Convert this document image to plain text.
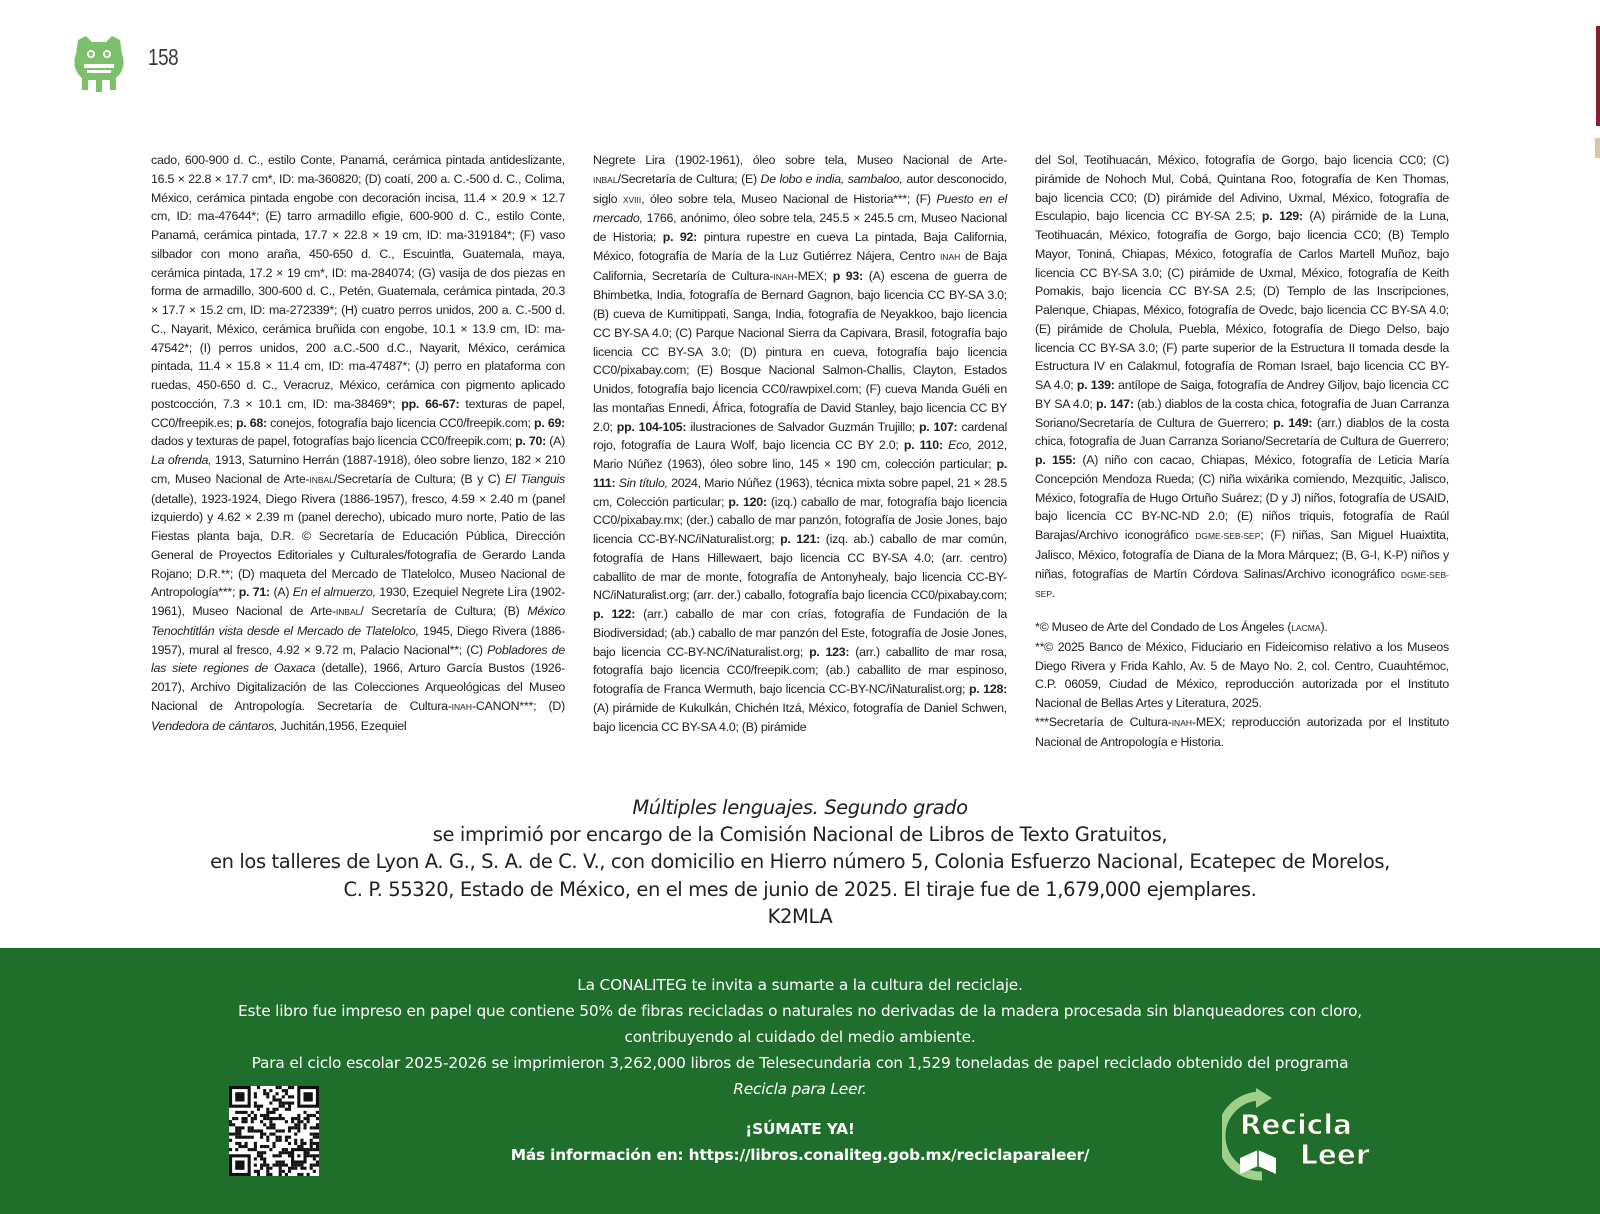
158
cado, 600-900 d. C., estilo Conte, Panamá, cerámica pintada antideslizante, 16.5 × 22.8 × 17.7 cm*, ID: ma-360820; (D) coatí, 200 a. C.-500 d. C., Colima, México, cerámica pintada engobe con decoración incisa, 11.4 × 20.9 × 12.7 cm, ID: ma-47644*; (E) tarro armadillo efigie, 600-900 d. C., estilo Conte, Panamá, cerámica pintada, 17.7 × 22.8 × 19 cm, ID: ma-319184*; (F) vaso silbador con mono araña, 450-650 d. C., Escuintla, Guatemala, maya, cerámica pintada, 17.2 × 19 cm*, ID: ma-284074; (G) vasija de dos piezas en forma de armadillo, 300-600 d. C., Petén, Guatemala, cerámica pintada, 20.3 × 17.7 × 15.2 cm, ID: ma-272339*; (H) cuatro perros unidos, 200 a. C.-500 d. C., Nayarit, México, cerámica bruñida con engobe, 10.1 × 13.9 cm, ID: ma-47542*; (I) perros unidos, 200 a.C.-500 d.C., Nayarit, México, cerámica pintada, 11.4 × 15.8 × 11.4 cm, ID: ma-47487*; (J) perro en plataforma con ruedas, 450-650 d. C., Veracruz, México, cerámica con pigmento aplicado postcocción, 7.3 × 10.1 cm, ID: ma-38469*; pp. 66-67: texturas de papel, CC0/freepik.es; p. 68: conejos, fotografía bajo licencia CC0/freepik.com; p. 69: dados y texturas de papel, fotografías bajo licencia CC0/freepik.com; p. 70: (A) La ofrenda, 1913, Saturnino Herrán (1887-1918), óleo sobre lienzo, 182 × 210 cm, Museo Nacional de Arte-INBAL/Secretaría de Cultura; (B y C) El Tianguis (detalle), 1923-1924, Diego Rivera (1886-1957), fresco, 4.59 × 2.40 m (panel izquierdo) y 4.62 × 2.39 m (panel derecho), ubicado muro norte, Patio de las Fiestas planta baja, D.R. © Secretaría de Educación Pública, Dirección General de Proyectos Editoriales y Culturales/fotografía de Gerardo Landa Rojano; D.R.**; (D) maqueta del Mercado de Tlatelolco, Museo Nacional de Antropología***; p. 71: (A) En el almuerzo, 1930, Ezequiel Negrete Lira (1902-1961), Museo Nacional de Arte-INBAL/ Secretaría de Cultura; (B) México Tenochtitlán vista desde el Mercado de Tlatelolco, 1945, Diego Rivera (1886-1957), mural al fresco, 4.92 × 9.72 m, Palacio Nacional**; (C) Pobladores de las siete regiones de Oaxaca (detalle), 1966, Arturo García Bustos (1926-2017), Archivo Digitalización de las Colecciones Arqueológicas del Museo Nacional de Antropología. Secretaría de Cultura-INAH-CANON***; (D) Vendedora de cántaros, Juchitán,1956, Ezequiel
Negrete Lira (1902-1961), óleo sobre tela, Museo Nacional de Arte-INBAL/Secretaría de Cultura; (E) De lobo e india, sambaloo, autor desconocido, siglo XVIII, óleo sobre tela, Museo Nacional de Historia***; (F) Puesto en el mercado, 1766, anónimo, óleo sobre tela, 245.5 × 245.5 cm, Museo Nacional de Historia; p. 92: pintura rupestre en cueva La pintada, Baja California, México, fotografía de María de la Luz Gutiérrez Nájera, Centro INAH de Baja California, Secretaría de Cultura-INAH-MEX; p 93: (A) escena de guerra de Bhimbetka, India, fotografía de Bernard Gagnon, bajo licencia CC BY-SA 3.0; (B) cueva de Kumitippati, Sanga, India, fotografía de Neyakkoo, bajo licencia CC BY-SA 4.0; (C) Parque Nacional Sierra da Capivara, Brasil, fotografía bajo licencia CC BY-SA 3.0; (D) pintura en cueva, fotografía bajo licencia CC0/pixabay.com; (E) Bosque Nacional Salmon-Challis, Clayton, Estados Unidos, fotografía bajo licencia CC0/rawpixel.com; (F) cueva Manda Guéli en las montañas Ennedi, África, fotografía de David Stanley, bajo licencia CC BY 2.0; pp. 104-105: ilustraciones de Salvador Guzmán Trujillo; p. 107: cardenal rojo, fotografía de Laura Wolf, bajo licencia CC BY 2.0; p. 110: Eco, 2012, Mario Núñez (1963), óleo sobre lino, 145 × 190 cm, colección particular; p. 111: Sin título, 2024, Mario Núñez (1963), técnica mixta sobre papel, 21 × 28.5 cm, Colección particular; p. 120: (izq.) caballo de mar, fotografía bajo licencia CC0/pixabay.mx; (der.) caballo de mar panzón, fotografía de Josie Jones, bajo licencia CC-BY-NC/iNaturalist.org; p. 121: (izq. ab.) caballo de mar común, fotografía de Hans Hillewaert, bajo licencia CC BY-SA 4.0; (arr. centro) caballito de mar de monte, fotografía de Antonyhealy, bajo licencia CC-BY-NC/iNaturalist.org; (arr. der.) caballo, fotografía bajo licencia CC0/pixabay.com; p. 122: (arr.) caballo de mar con crías, fotografía de Fundación de la Biodiversidad; (ab.) caballo de mar panzón del Este, fotografía de Josie Jones, bajo licencia CC-BY-NC/iNaturalist.org; p. 123: (arr.) caballito de mar rosa, fotografía bajo licencia CC0/freepik.com; (ab.) caballito de mar espinoso, fotografía de Franca Wermuth, bajo licencia CC-BY-NC/iNaturalist.org; p. 128: (A) pirámide de Kukulkán, Chichén Itzá, México, fotografía de Daniel Schwen, bajo licencia CC BY-SA 4.0; (B) pirámide
del Sol, Teotihuacán, México, fotografía de Gorgo, bajo licencia CC0; (C) pirámide de Nohoch Mul, Cobá, Quintana Roo, fotografía de Ken Thomas, bajo licencia CC0; (D) pirámide del Adivino, Uxmal, México, fotografía de Esculapio, bajo licencia CC BY-SA 2.5; p. 129: (A) pirámide de la Luna, Teotihuacán, México, fotografía de Gorgo, bajo licencia CC0; (B) Templo Mayor, Toniná, Chiapas, México, fotografía de Carlos Martell Muñoz, bajo licencia CC BY-SA 3.0; (C) pirámide de Uxmal, México, fotografía de Keith Pomakis, bajo licencia CC BY-SA 2.5; (D) Templo de las Inscripciones, Palenque, Chiapas, México, fotografía de Ovedc, bajo licencia CC BY-SA 4.0; (E) pirámide de Cholula, Puebla, México, fotografía de Diego Delso, bajo licencia CC BY-SA 3.0; (F) parte superior de la Estructura II tomada desde la Estructura IV en Calakmul, fotografía de Roman Israel, bajo licencia CC BY-SA 4.0; p. 139: antílope de Saiga, fotografía de Andrey Giljov, bajo licencia CC BY SA 4.0; p. 147: (ab.) diablos de la costa chica, fotografía de Juan Carranza Soriano/Secretaría de Cultura de Guerrero; p. 149: (arr.) diablos de la costa chica, fotografía de Juan Carranza Soriano/Secretaría de Cultura de Guerrero; p. 155: (A) niño con cacao, Chiapas, México, fotografía de Leticia María Concepción Mendoza Rueda; (C) niña wixárika comiendo, Mezquitic, Jalisco, México, fotografía de Hugo Ortuño Suárez; (D y J) niños, fotografía de USAID, bajo licencia CC BY-NC-ND 2.0; (E) niños triquis, fotografía de Raúl Barajas/Archivo iconográfico DGME-SEB-SEP; (F) niñas, San Miguel Huaixtita, Jalisco, México, fotografía de Diana de la Mora Márquez; (B, G-I, K-P) niños y niñas, fotografías de Martín Córdova Salinas/Archivo iconográfico DGME-SEB-SEP.

*© Museo de Arte del Condado de Los Ángeles (LACMA).

**© 2025 Banco de México, Fiduciario en Fideicomiso relativo a los Museos Diego Rivera y Frida Kahlo, Av. 5 de Mayo No. 2, col. Centro, Cuauhtémoc, C.P. 06059, Ciudad de México, reproducción autorizada por el Instituto Nacional de Bellas Artes y Literatura, 2025.

***Secretaría de Cultura-INAH-MEX; reproducción autorizada por el Instituto Nacional de Antropología e Historia.

Múltiples lenguajes. Segundo grado
se imprimió por encargo de la Comisión Nacional de Libros de Texto Gratuitos,
en los talleres de Lyon A. G., S. A. de C. V., con domicilio en Hierro número 5, Colonia Esfuerzo Nacional, Ecatepec de Morelos,
C. P. 55320, Estado de México, en el mes de junio de 2025. El tiraje fue de 1,679,000 ejemplares.
K2MLA
La CONALITEG te invita a sumarte a la cultura del reciclaje.
Este libro fue impreso en papel que contiene 50% de fibras recicladas o naturales no derivadas de la madera procesada sin blanqueadores con cloro,
contribuyendo al cuidado del medio ambiente.
Para el ciclo escolar 2025-2026 se imprimieron 3,262,000 libros de Telesecundaria con 1,529 toneladas de papel reciclado obtenido del programa
Recicla para Leer.
¡SÚMATE YA!
Más información en: https://libros.conaliteg.gob.mx/reciclaparaleer/
Recicla
Leer
